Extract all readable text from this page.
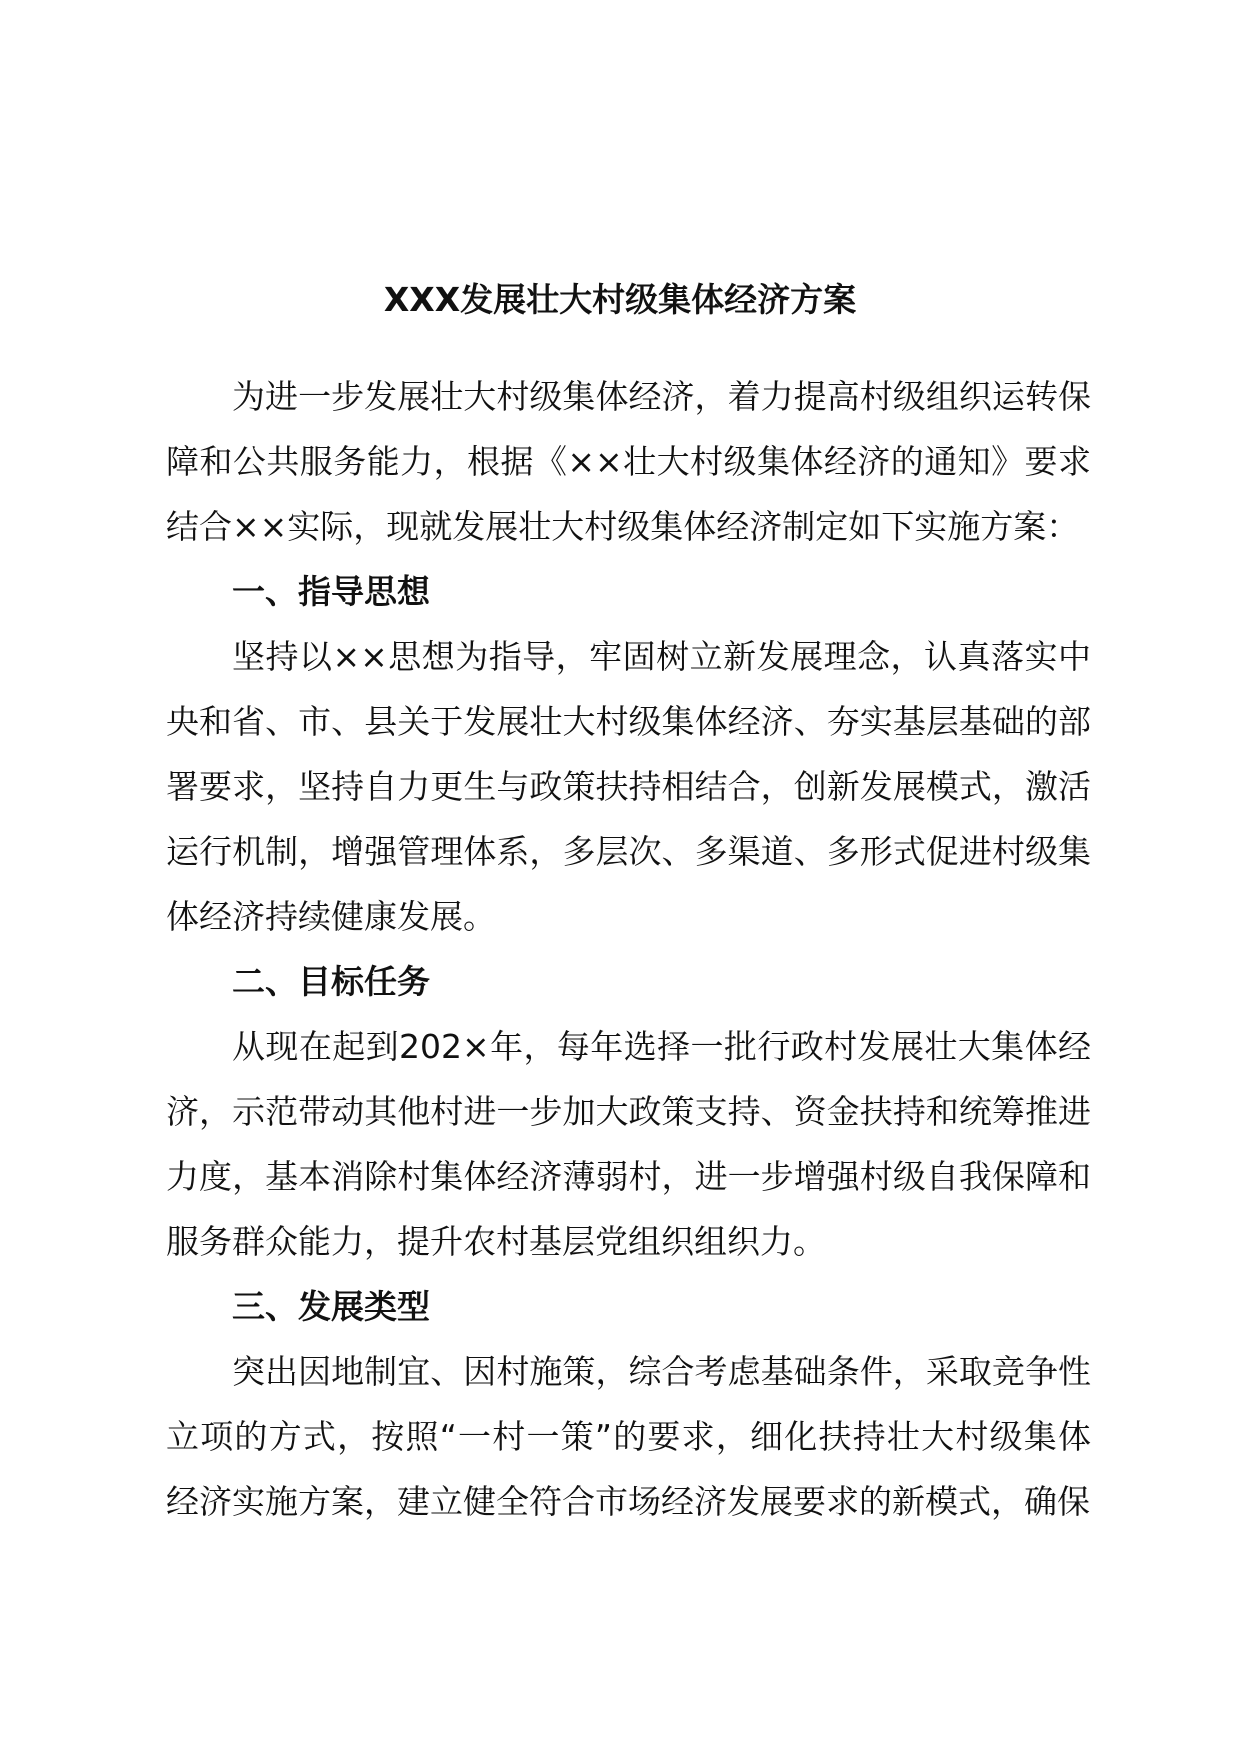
XXX发展壮大村级集体经济方案

为进一步发展壮大村级集体经济，着力提高村级组织运转保障和公共服务能力，根据《××壮大村级集体经济的通知》要求结合××实际，现就发展壮大村级集体经济制定如下实施方案：

一、指导思想

坚持以××思想为指导，牢固树立新发展理念，认真落实中央和省、市、县关于发展壮大村级集体经济、夯实基层基础的部署要求，坚持自力更生与政策扶持相结合，创新发展模式，激活运行机制，增强管理体系，多层次、多渠道、多形式促进村级集体经济持续健康发展。

二、目标任务

从现在起到202×年，每年选择一批行政村发展壮大集体经济，示范带动其他村进一步加大政策支持、资金扶持和统筹推进力度，基本消除村集体经济薄弱村，进一步增强村级自我保障和服务群众能力，提升农村基层党组织组织力。

三、发展类型

突出因地制宜、因村施策，综合考虑基础条件，采取竞争性立项的方式，按照“一村一策”的要求，细化扶持壮大村级集体经济实施方案，建立健全符合市场经济发展要求的新模式，确保
